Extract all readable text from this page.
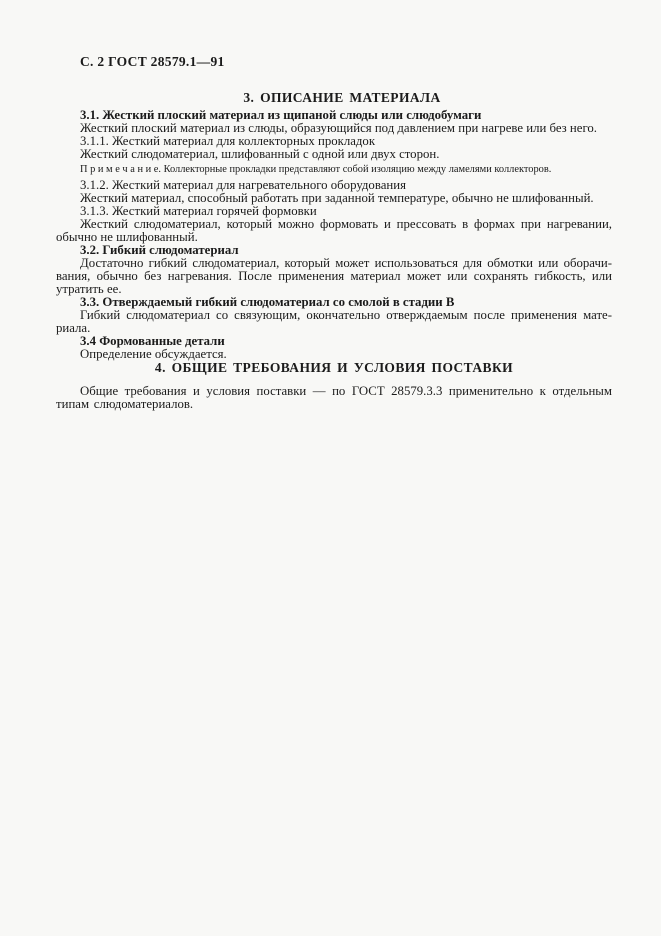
С. 2 ГОСТ 28579.1—91
3. ОПИСАНИЕ МАТЕРИАЛА

3.1. Жесткий плоский материал из щипаной слюды или слюдобумаги

Жесткий плоский материал из слюды, образующийся под давлением при нагреве или без него.

3.1.1. Жесткий материал для коллекторных прокладок

Жесткий слюдоматериал, шлифованный с одной или двух сторон.

П р и м е ч а н и е. Коллекторные прокладки представляют собой изоляцию между ламелями коллекторов.

3.1.2. Жесткий материал для нагревательного оборудования

Жесткий материал, способный работать при заданной температуре, обычно не шлифованный.

3.1.3. Жесткий материал горячей формовки

Жесткий слюдоматериал, который можно формовать и прессовать в формах при нагревании, обычно не шлифованный.

3.2. Гибкий слюдоматериал

Достаточно гибкий слюдоматериал, который может использоваться для обмотки или оборачивания, обычно без нагревания. После применения материал может или сохранять гибкость, или утратить ее.

3.3. Отверждаемый гибкий слюдоматериал со смолой в стадии В

Гибкий слюдоматериал со связующим, окончательно отверждаемым после применения материала.

3.4 Формованные детали

Определение обсуждается.

4. ОБЩИЕ ТРЕБОВАНИЯ И УСЛОВИЯ ПОСТАВКИ

Общие требования и условия поставки — по ГОСТ 28579.3.3 применительно к отдельным типам слюдоматериалов.
